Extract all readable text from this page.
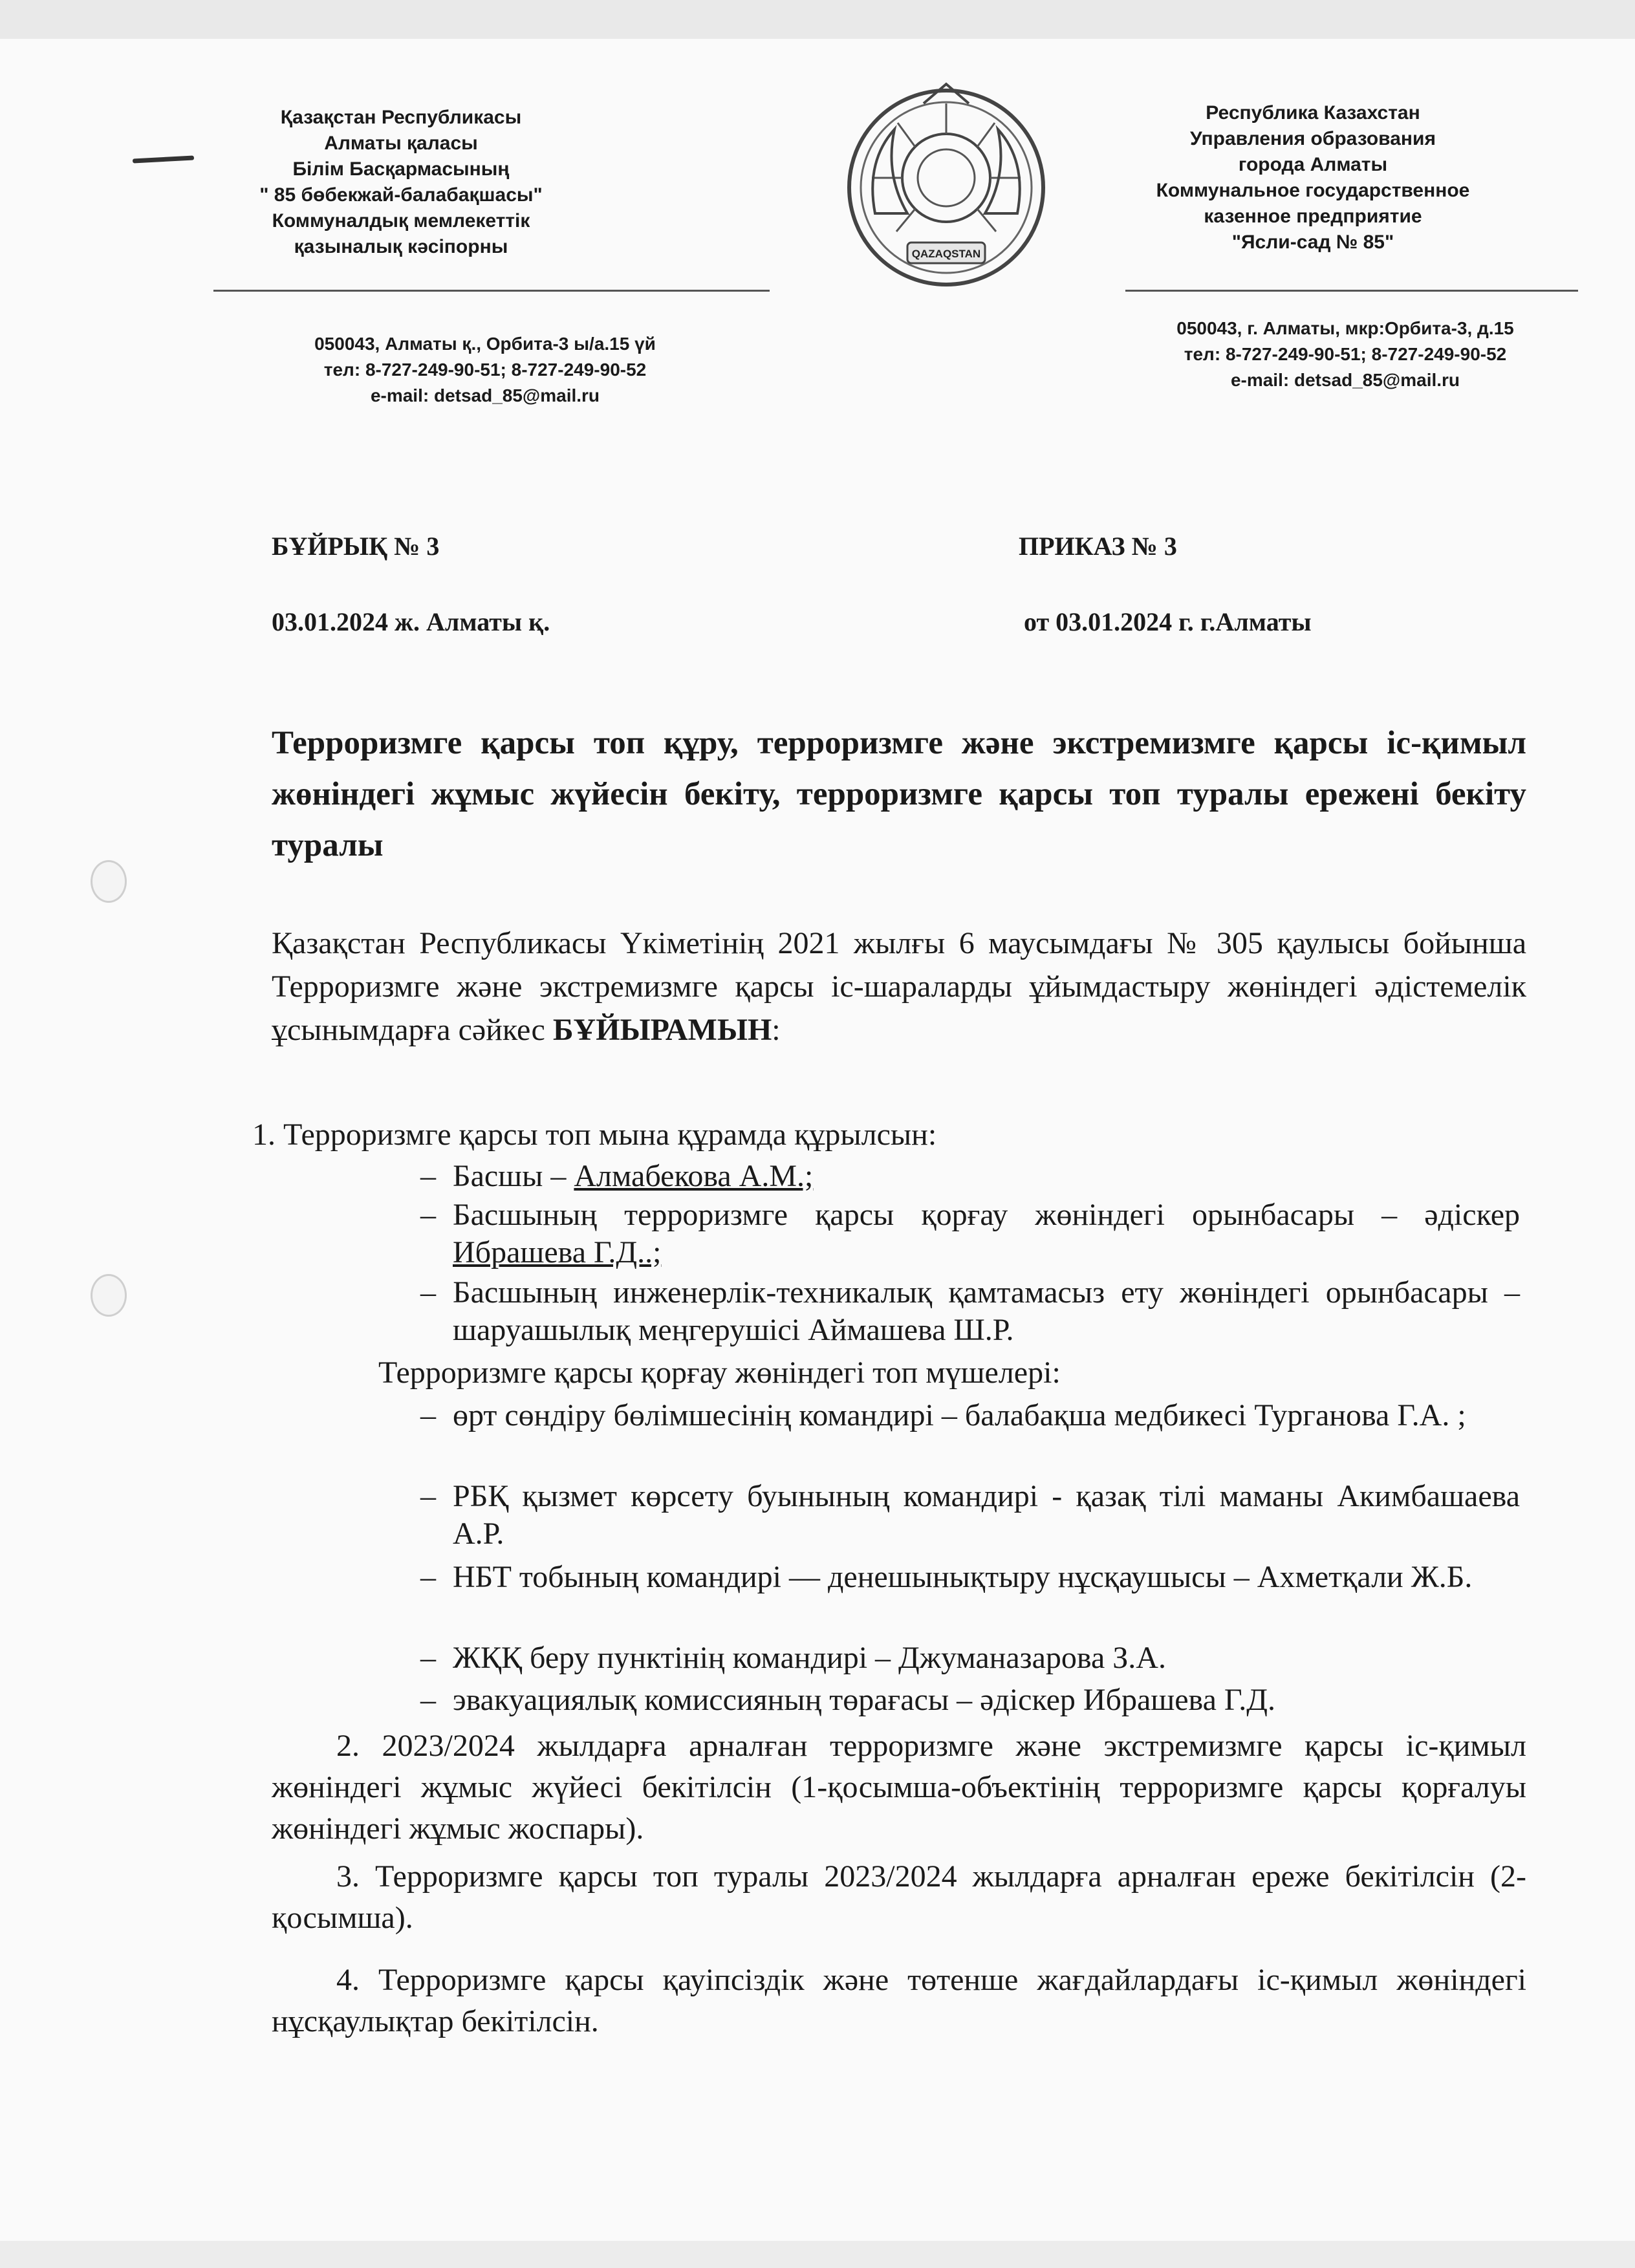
Қазақстан Республикасы
Алматы қаласы
Білім Басқармасының
" 85 бөбекжай-балабақшасы"
Коммуналдық мемлекеттік
қазыналық кәсіпорны
050043, Алматы қ., Орбита-3 ы/а.15 үй
тел: 8-727-249-90-51; 8-727-249-90-52
e-mail: detsad_85@mail.ru
QAZAQSTAN
Республика Казахстан
Управления образования
города Алматы
Коммунальное государственное
казенное предприятие
"Ясли-сад № 85"
050043, г. Алматы, мкр:Орбита-3, д.15
тел: 8-727-249-90-51; 8-727-249-90-52
e-mail: detsad_85@mail.ru
БҰЙРЫҚ № 3	ПРИКАЗ № 3
03.01.2024 ж. Алматы қ.	от 03.01.2024 г. г.Алматы
Терроризмге қарсы топ құру, терроризмге және экстремизмге қарсы іс-қимыл жөніндегі жұмыс жүйесін бекіту, терроризмге қарсы топ туралы ережені бекіту туралы
Қазақстан Республикасы Үкіметінің 2021 жылғы 6 маусымдағы № 305 қаулысы бойынша Терроризмге және экстремизмге қарсы іс-шараларды ұйымдастыру жөніндегі әдістемелік ұсынымдарға сәйкес БҰЙЫРАМЫН:
1. Терроризмге қарсы топ мына құрамда құрылсын:
– Басшы – Алмабекова А.М.;
– Басшының терроризмге қарсы қорғау жөніндегі орынбасары – әдіскер Ибрашева Г.Д..;
– Басшының инженерлік-техникалық қамтамасыз ету жөніндегі орынбасары – шаруашылық меңгерушісі Аймашева Ш.Р.
Терроризмге қарсы қорғау жөніндегі топ мүшелері:
– өрт сөндіру бөлімшесінің командирі – балабақша медбикесі Турганова Г.А. ;
– РБҚ қызмет көрсету буынының командирі - қазақ тілі маманы Акимбашаева А.Р.
– НБТ тобының командирі — денешынықтыру нұсқаушысы – Ахметқали Ж.Б.
– ЖҚҚ беру пунктінің командирі – Джуманазарова З.А.
– эвакуациялық комиссияның төрағасы – әдіскер Ибрашева Г.Д.
2. 2023/2024 жылдарға арналған терроризмге және экстремизмге қарсы іс-қимыл жөніндегі жұмыс жүйесі бекітілсін (1-қосымша-объектінің терроризмге қарсы қорғалуы жөніндегі жұмыс жоспары).
3. Терроризмге қарсы топ туралы 2023/2024 жылдарға арналған ереже бекітілсін (2-қосымша).
4. Терроризмге қарсы қауіпсіздік және төтенше жағдайлардағы іс-қимыл жөніндегі нұсқаулықтар бекітілсін.
